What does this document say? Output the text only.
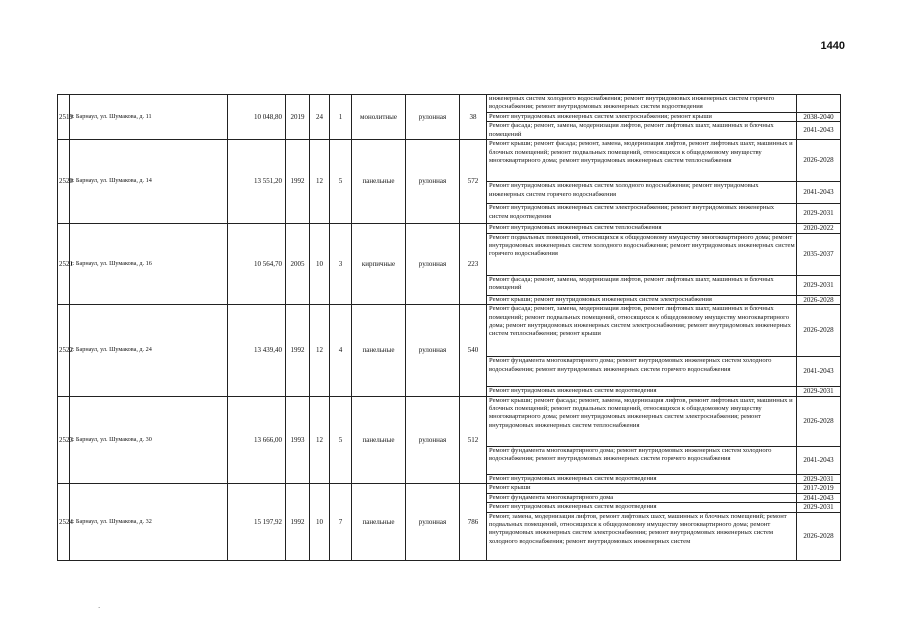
1440
2519	г. Барнаул, ул. Шумакова, д. 11	10 048,80	2019	24	1	монолитные	рулонная	38	инженерных систем холодного водоснабжения; ремонт внутридомовых инженерных систем горячего водоснабжения; ремонт внутридомовых инженерных систем водоотведения	
									Ремонт внутридомовых инженерных систем электроснабжения; ремонт крыши	2038-2040
									Ремонт фасада; ремонт, замена, модернизация лифтов, ремонт лифтовых шахт, машинных и блочных помещений	2041-2043
2520	г. Барнаул, ул. Шумакова, д. 14	13 551,20	1992	12	5	панельные	рулонная	572	Ремонт крыши; ремонт фасада; ремонт, замена, модернизация лифтов, ремонт лифтовых шахт, машинных и блочных помещений; ремонт подвальных помещений, относящихся к общедомовому имуществу многоквартирного дома; ремонт внутридомовых инженерных систем теплоснабжения	2026-2028
									Ремонт внутридомовых инженерных систем холодного водоснабжения; ремонт внутридомовых инженерных систем горячего водоснабжения	2041-2043
									Ремонт внутридомовых инженерных систем электроснабжения; ремонт внутридомовых инженерных систем водоотведения	2029-2031
2521	г. Барнаул, ул. Шумакова, д. 16	10 564,70	2005	10	3	кирпичные	рулонная	223	Ремонт внутридомовых инженерных систем теплоснабжения	2020-2022
									Ремонт подвальных помещений, относящихся к общедомовому имуществу многоквартирного дома; ремонт внутридомовых инженерных систем холодного водоснабжения; ремонт внутридомовых инженерных систем горячего водоснабжения	2035-2037
									Ремонт фасада; ремонт, замена, модернизация лифтов, ремонт лифтовых шахт, машинных и блочных помещений	2029-2031
									Ремонт крыши; ремонт внутридомовых инженерных систем электроснабжения	2026-2028
2522	г. Барнаул, ул. Шумакова, д. 24	13 439,40	1992	12	4	панельные	рулонная	540	Ремонт фасада; ремонт, замена, модернизация лифтов, ремонт лифтовых шахт, машинных и блочных помещений; ремонт подвальных помещений, относящихся к общедомовому имуществу многоквартирного дома; ремонт внутридомовых инженерных систем электроснабжения; ремонт внутридомовых инженерных систем теплоснабжения; ремонт крыши	2026-2028
									Ремонт фундамента многоквартирного дома; ремонт внутридомовых инженерных систем холодного водоснабжения; ремонт внутридомовых инженерных систем горячего водоснабжения	2041-2043
									Ремонт внутридомовых инженерных систем водоотведения	2029-2031
2523	г. Барнаул, ул. Шумакова, д. 30	13 666,00	1993	12	5	панельные	рулонная	512	Ремонт крыши; ремонт фасада; ремонт, замена, модернизация лифтов, ремонт лифтовых шахт, машинных и блочных помещений; ремонт подвальных помещений, относящихся к общедомовому имуществу многоквартирного дома; ремонт внутридомовых инженерных систем электроснабжения; ремонт внутридомовых инженерных систем теплоснабжения	2026-2028
									Ремонт фундамента многоквартирного дома; ремонт внутридомовых инженерных систем холодного водоснабжения; ремонт внутридомовых инженерных систем горячего водоснабжения	2041-2043
									Ремонт внутридомовых инженерных систем водоотведения	2029-2031
2524	г. Барнаул, ул. Шумакова, д. 32	15 197,92	1992	10	7	панельные	рулонная	786	Ремонт крыши	2017-2019
									Ремонт фундамента многоквартирного дома	2041-2043
									Ремонт внутридомовых инженерных систем водоотведения	2029-2031
									Ремонт, замена, модернизация лифтов, ремонт лифтовых шахт, машинных и блочных помещений; ремонт подвальных помещений, относящихся к общедомовому имуществу многоквартирного дома; ремонт внутридомовых инженерных систем электроснабжения; ремонт внутридомовых инженерных систем холодного водоснабжения; ремонт внутридомовых инженерных систем	2026-2028
ˋ
